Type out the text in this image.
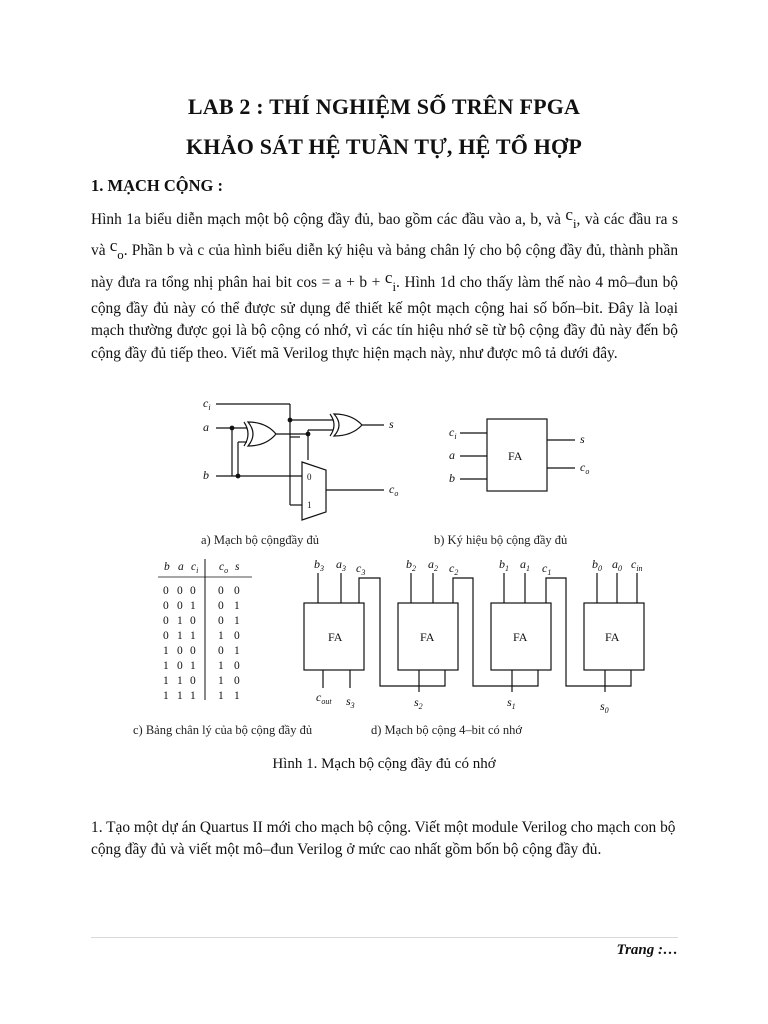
LAB 2 : THÍ NGHIỆM SỐ TRÊN FPGA
KHẢO SÁT HỆ TUẦN TỰ, HỆ TỔ HỢP
1. MẠCH CỘNG :
Hình 1a biểu diễn mạch một bộ cộng đầy đủ, bao gồm các đầu vào a, b, và $c_i$, và các đầu ra s và $c_o$. Phần b và c của hình biểu diễn ký hiệu và bảng chân lý cho bộ cộng đầy đủ, thành phần này đưa ra tổng nhị phân hai bit $\cos = a + b + c_i$. Hình 1d cho thấy làm thế nào 4 mô–đun bộ cộng đầy đủ này có thể được sử dụng để thiết kế một mạch cộng hai số bốn–bit. Đây là loại mạch thường được gọi là bộ cộng có nhớ, vì các tín hiệu nhớ sẽ từ bộ cộng đầy đủ này đến bộ cộng đầy đủ tiếp theo. Viết mã Verilog thực hiện mạch này, như được mô tả dưới đây.
$c_i$
a
b
s
$c_o$
0
1
FA
$c_i$
a
b
s
$c_o$
b a $c_i$ $c_o$ s
0 0 0 0 0
0 0 1 0 1
0 1 0 0 1
0 1 1 1 0
1 0 0 0 1
1 0 1 1 0
1 1 0 1 0
1 1 1 1 1
FA	FA	FA	FA
$b_3$ $a_3$ $c_3$
$b_2$ $a_2$ $c_2$
$b_1$ $a_1$ $c_1$
$b_0$ $a_0$ $c_{in}$
$c_{out}$ $s_3$	$s_2$	$s_1$	$s_0$
a) Mạch bộ cộngđầy đủ	b) Ký hiệu bộ cộng đầy đủ
c) Bảng chân lý của bộ cộng đầy đủ	d) Mạch bộ cộng 4–bit có nhớ
Hình 1. Mạch bộ cộng đầy đủ có nhớ
1. Tạo một dự án Quartus II mới cho mạch bộ cộng. Viết một module Verilog cho mạch con bộ cộng đầy đủ và viết một mô–đun Verilog ở mức cao nhất gồm bốn bộ cộng đầy đủ.
Trang :…
